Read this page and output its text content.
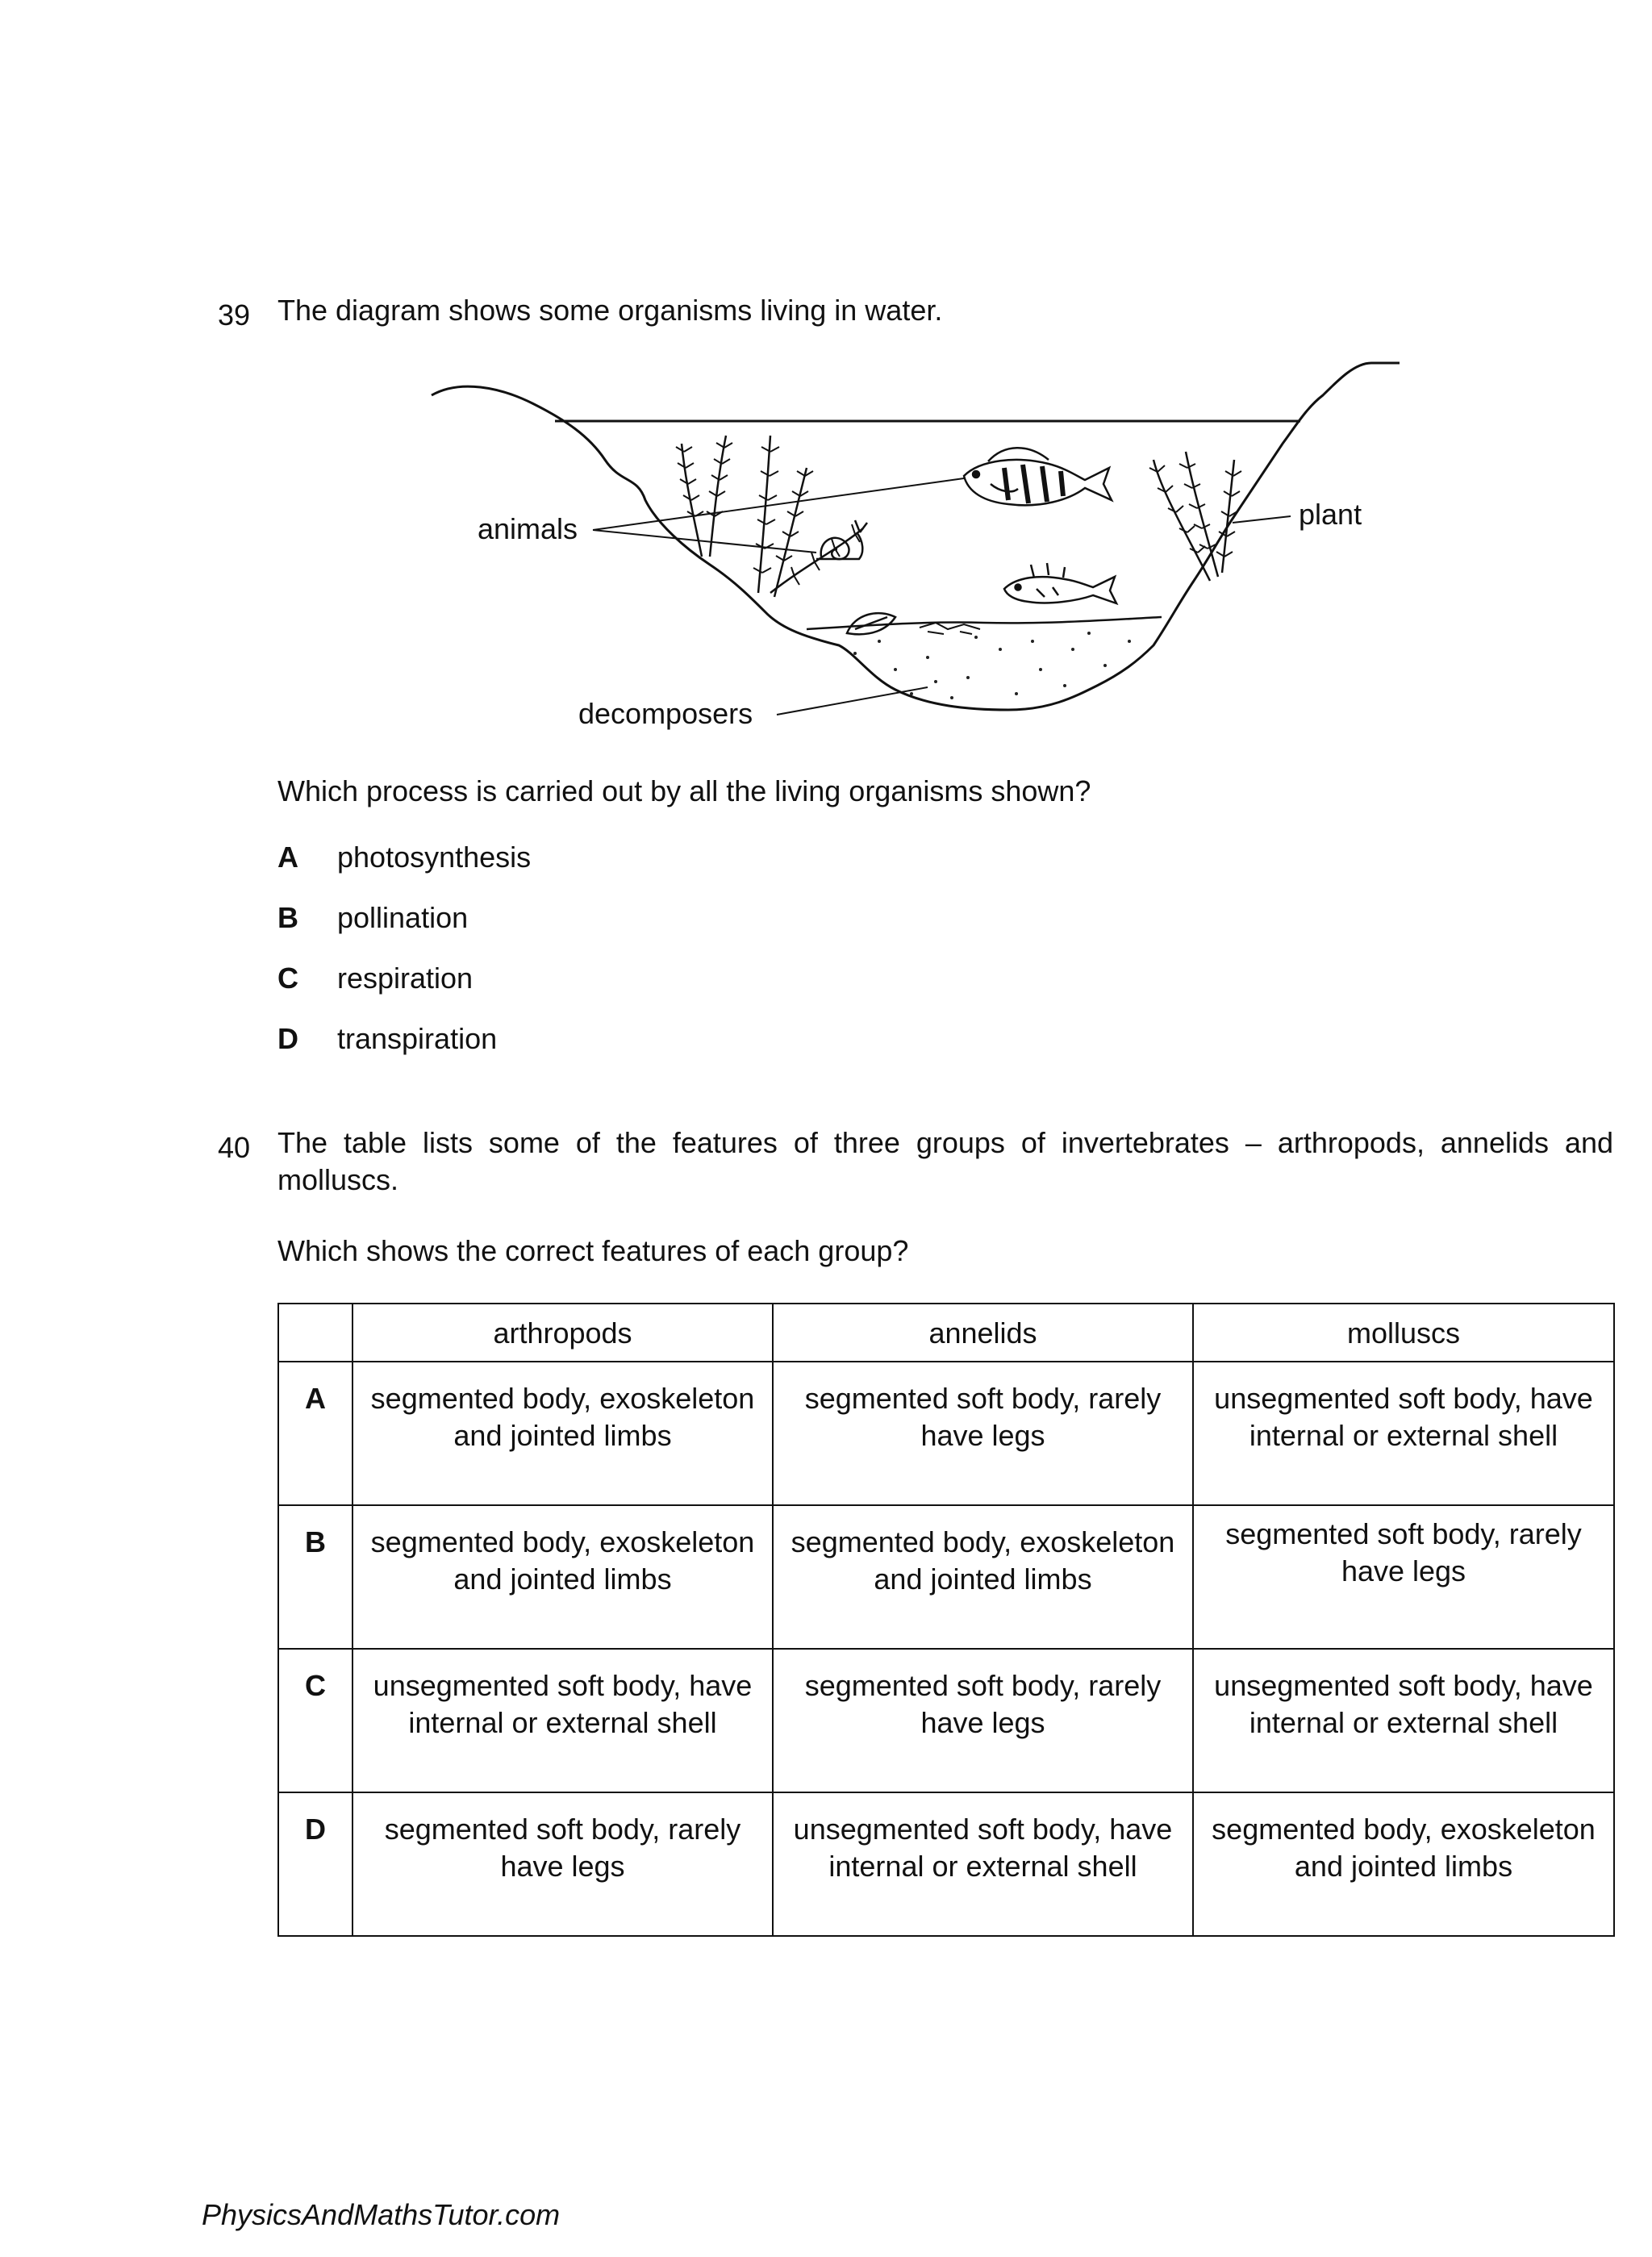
39 The diagram shows some organisms living in water.
animals	plant
decomposers
Which process is carried out by all the living organisms shown?
A photosynthesis
B pollination
C respiration
D transpiration
40 The table lists some of the features of three groups of invertebrates – arthropods, annelids and
molluscs.
Which shows the correct features of each group?
	arthropods	annelids	molluscs
A	segmented body, exoskeleton and jointed limbs	segmented soft body, rarely have legs	unsegmented soft body, have internal or external shell
B	segmented body, exoskeleton and jointed limbs	segmented body, exoskeleton and jointed limbs	segmented soft body, rarely have legs
C	unsegmented soft body, have internal or external shell	segmented soft body, rarely have legs	unsegmented soft body, have internal or external shell
D	segmented soft body, rarely have legs	unsegmented soft body, have internal or external shell	segmented body, exoskeleton and jointed limbs
PhysicsAndMathsTutor.com
